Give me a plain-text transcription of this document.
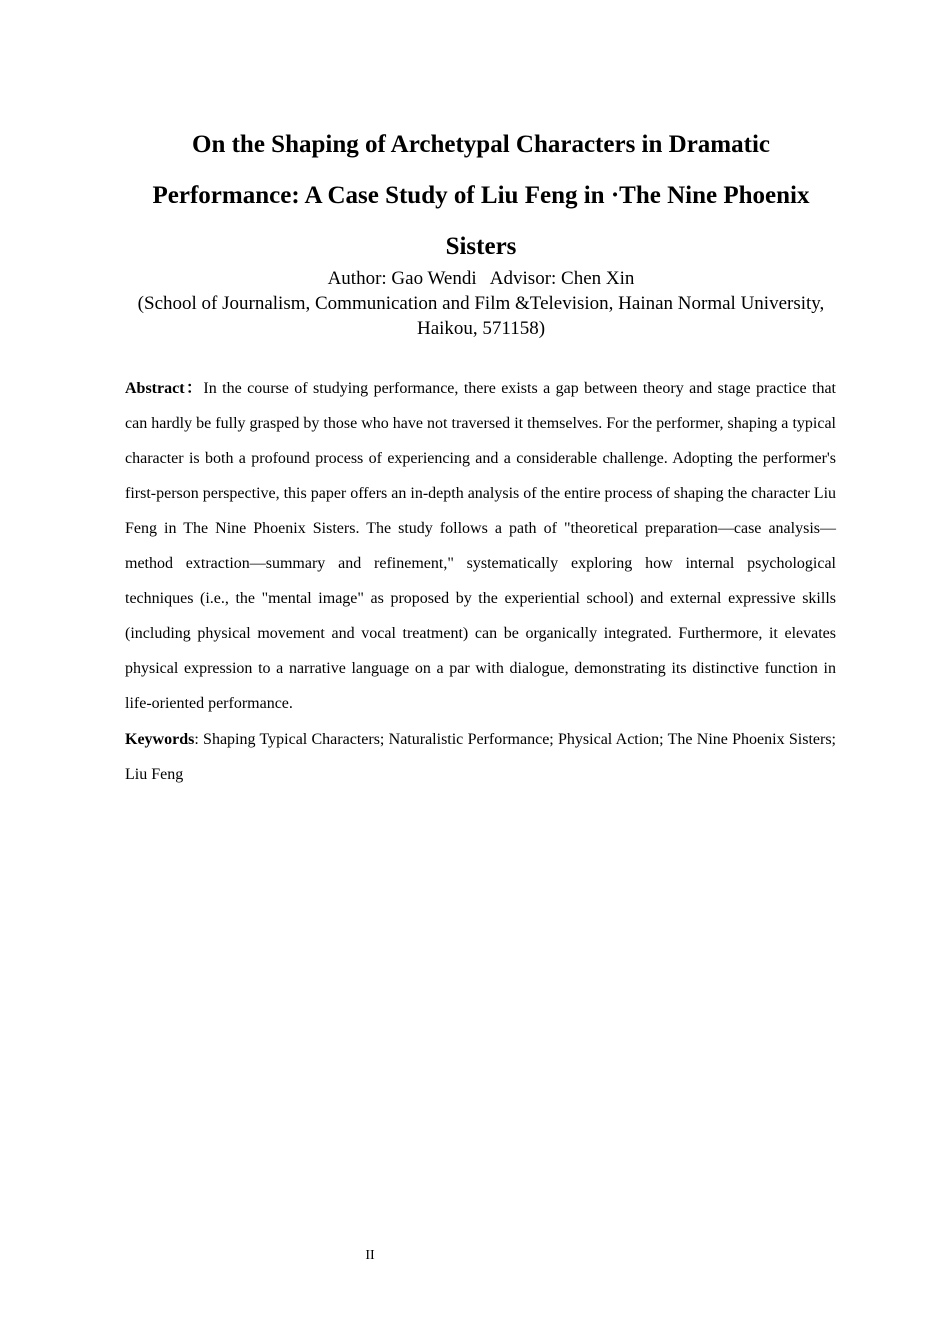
On the Shaping of Archetypal Characters in Dramatic Performance: A Case Study of Liu Feng in ·The Nine Phoenix Sisters
Author: Gao Wendi   Advisor: Chen Xin
(School of Journalism, Communication and Film &Television, Hainan Normal University, Haikou, 571158)

Abstract：In the course of studying performance, there exists a gap between theory and stage practice that can hardly be fully grasped by those who have not traversed it themselves. For the performer, shaping a typical character is both a profound process of experiencing and a considerable challenge. Adopting the performer's first-person perspective, this paper offers an in-depth analysis of the entire process of shaping the character Liu Feng in The Nine Phoenix Sisters. The study follows a path of "theoretical preparation—case analysis—method extraction—summary and refinement," systematically exploring how internal psychological techniques (i.e., the "mental image" as proposed by the experiential school) and external expressive skills (including physical movement and vocal treatment) can be organically integrated. Furthermore, it elevates physical expression to a narrative language on a par with dialogue, demonstrating its distinctive function in life-oriented performance.

Keywords: Shaping Typical Characters; Naturalistic Performance; Physical Action; The Nine Phoenix Sisters; Liu Feng

II
